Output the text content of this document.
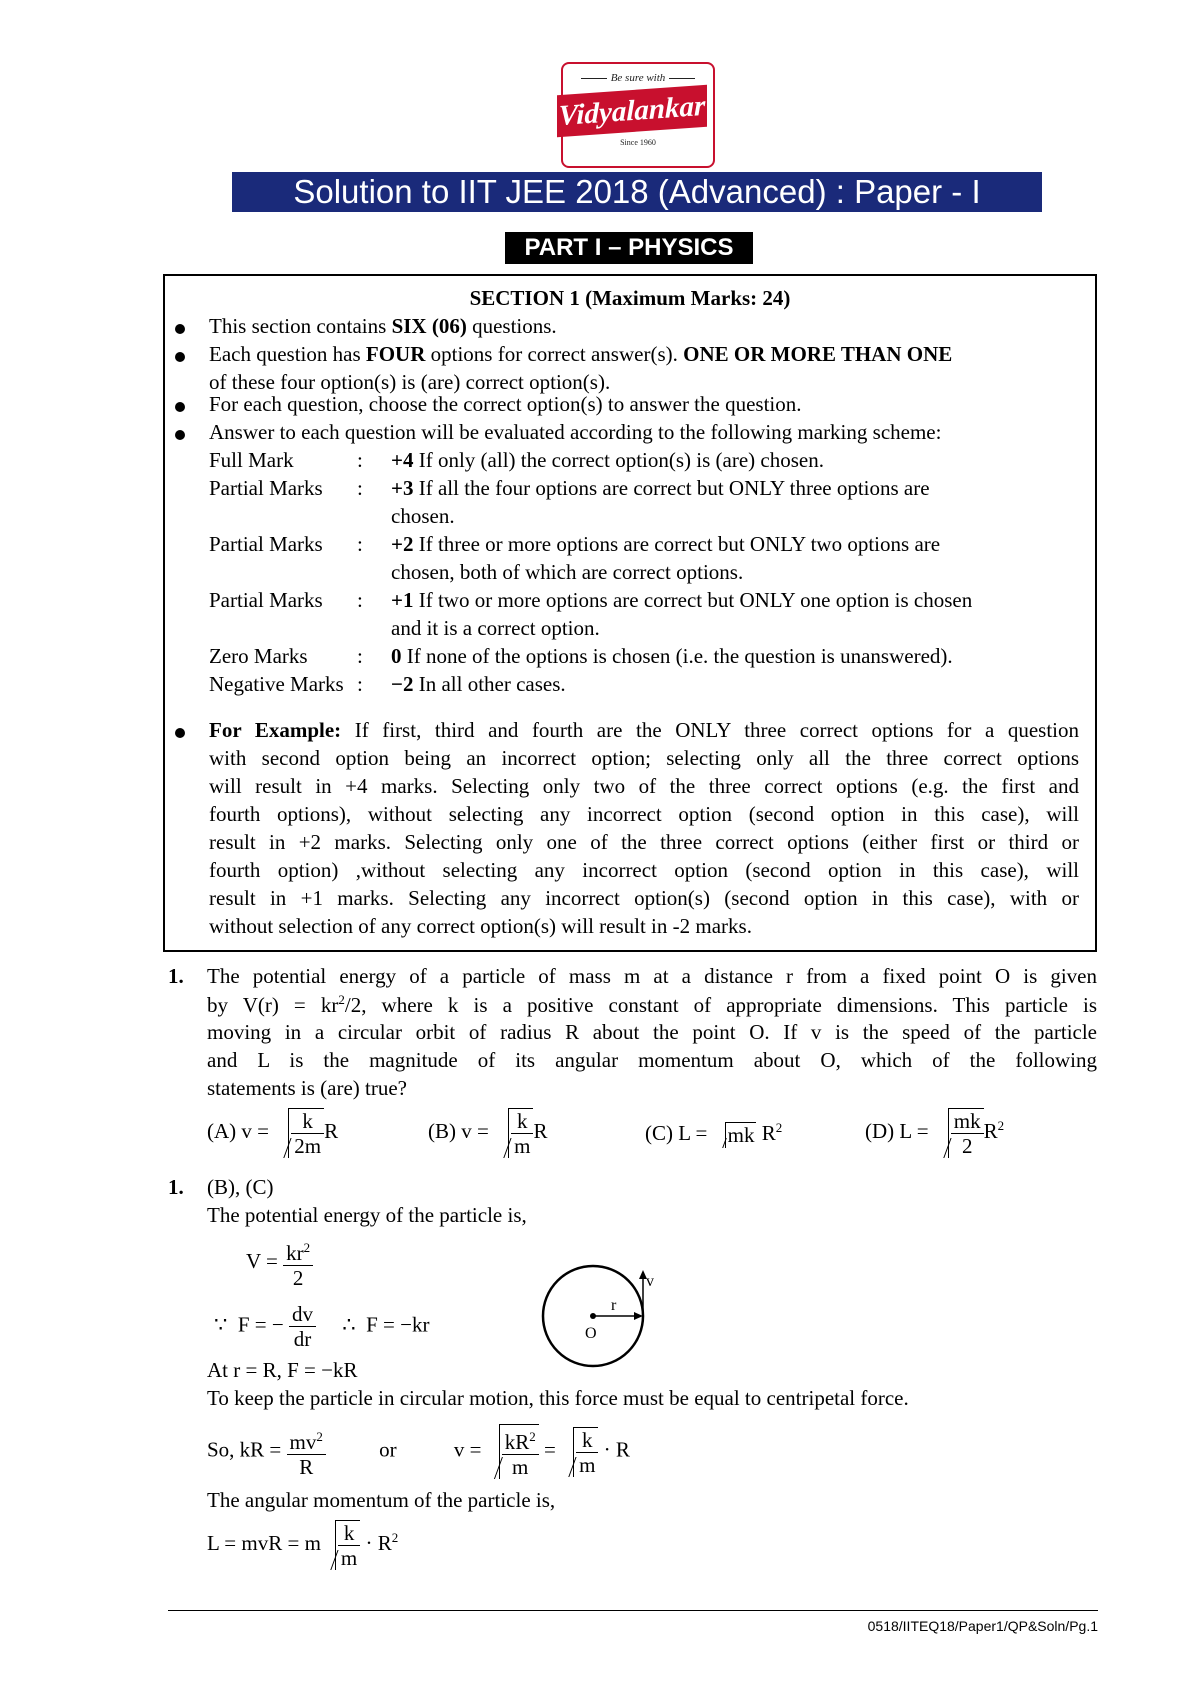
Be sure with
Vidyalankar
Since 1960
Solution to IIT JEE 2018 (Advanced) : Paper - I
PART I – PHYSICS
SECTION 1 (Maximum Marks: 24)
This section contains SIX (06) questions.
Each question has FOUR options for correct answer(s). ONE OR MORE THAN ONE
of these four option(s) is (are) correct option(s).
For each question, choose the correct option(s) to answer the question.
Answer to each question will be evaluated according to the following marking scheme:
Full Mark	: +4 If only (all) the correct option(s) is (are) chosen.
Partial Marks : +3 If all the four options are correct but ONLY three options are
chosen.
Partial Marks : +2 If three or more options are correct but ONLY two options are
chosen, both of which are correct options.
Partial Marks : +1 If two or more options are correct but ONLY one option is chosen
and it is a correct option.
Zero Marks : 0 If none of the options is chosen (i.e. the question is unanswered).
Negative Marks : −2 In all other cases.
For Example: If first, third and fourth are the ONLY three correct options for a question
with second option being an incorrect option; selecting only all the three correct options
will result in +4 marks. Selecting only two of the three correct options (e.g. the first and
fourth options), without selecting any incorrect option (second option in this case), will
result in +2 marks. Selecting only one of the three correct options (either first or third or
fourth option) ,without selecting any incorrect option (second option in this case), will
result in +1 marks. Selecting any incorrect option(s) (second option in this case), with or
without selection of any correct option(s) will result in -2 marks.
1. The potential energy of a particle of mass m at a distance r from a fixed point O is given
by $V(r) = kr^2/2$, where k is a positive constant of appropriate dimensions. This particle is
moving in a circular orbit of radius R about the point O. If v is the speed of the particle
and L is the magnitude of its angular momentum about O, which of the following
statements is (are) true?
(A) $v = \frac{k}{2m}$ R	(B) $v = \frac{k}{m}$ R	(C) L = mk $R^2$	(D) $L = \frac{mk}{2} R^2$
1. (B), (C)
The potential energy of the particle is,
$V = \frac{kr^2}{2}$
∵  F = − $\frac{dv}{dr}$ ∴  F = −kr
v
r
O
At r = R, F = −kR
To keep the particle in circular motion, this force must be equal to centripetal force.
So, kR = $\frac{mv^2}{R}$	or $v = \frac{kR^2}{m} = \frac{k}{m} \cdot R$
The angular momentum of the particle is,
L = mvR = m $\frac{k}{m} \cdot R^2$
0518/IITEQ18/Paper1/QP&Soln/Pg.1
